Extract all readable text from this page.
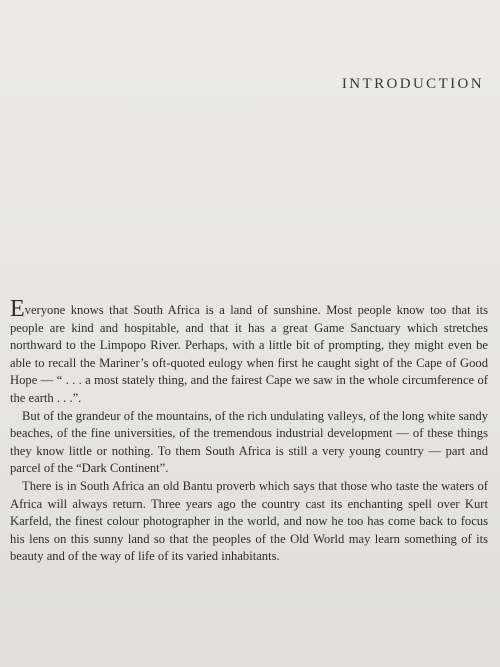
INTRODUCTION

Everyone knows that South Africa is a land of sunshine. Most people know too that its people are kind and hospitable, and that it has a great Game Sanctuary which stretches northward to the Limpopo River. Perhaps, with a little bit of prompting, they might even be able to recall the Mariner’s oft-quoted eulogy when first he caught sight of the Cape of Good Hope — “ . . . a most stately thing, and the fairest Cape we saw in the whole circumference of the earth . . .”.

But of the grandeur of the mountains, of the rich undulating valleys, of the long white sandy beaches, of the fine universities, of the tremendous industrial development — of these things they know little or nothing. To them South Africa is still a very young country — part and parcel of the “Dark Continent”.

There is in South Africa an old Bantu proverb which says that those who taste the waters of Africa will always return. Three years ago the country cast its enchanting spell over Kurt Karfeld, the finest colour photographer in the world, and now he too has come back to focus his lens on this sunny land so that the peoples of the Old World may learn something of its beauty and of the way of life of its varied inhabitants.
